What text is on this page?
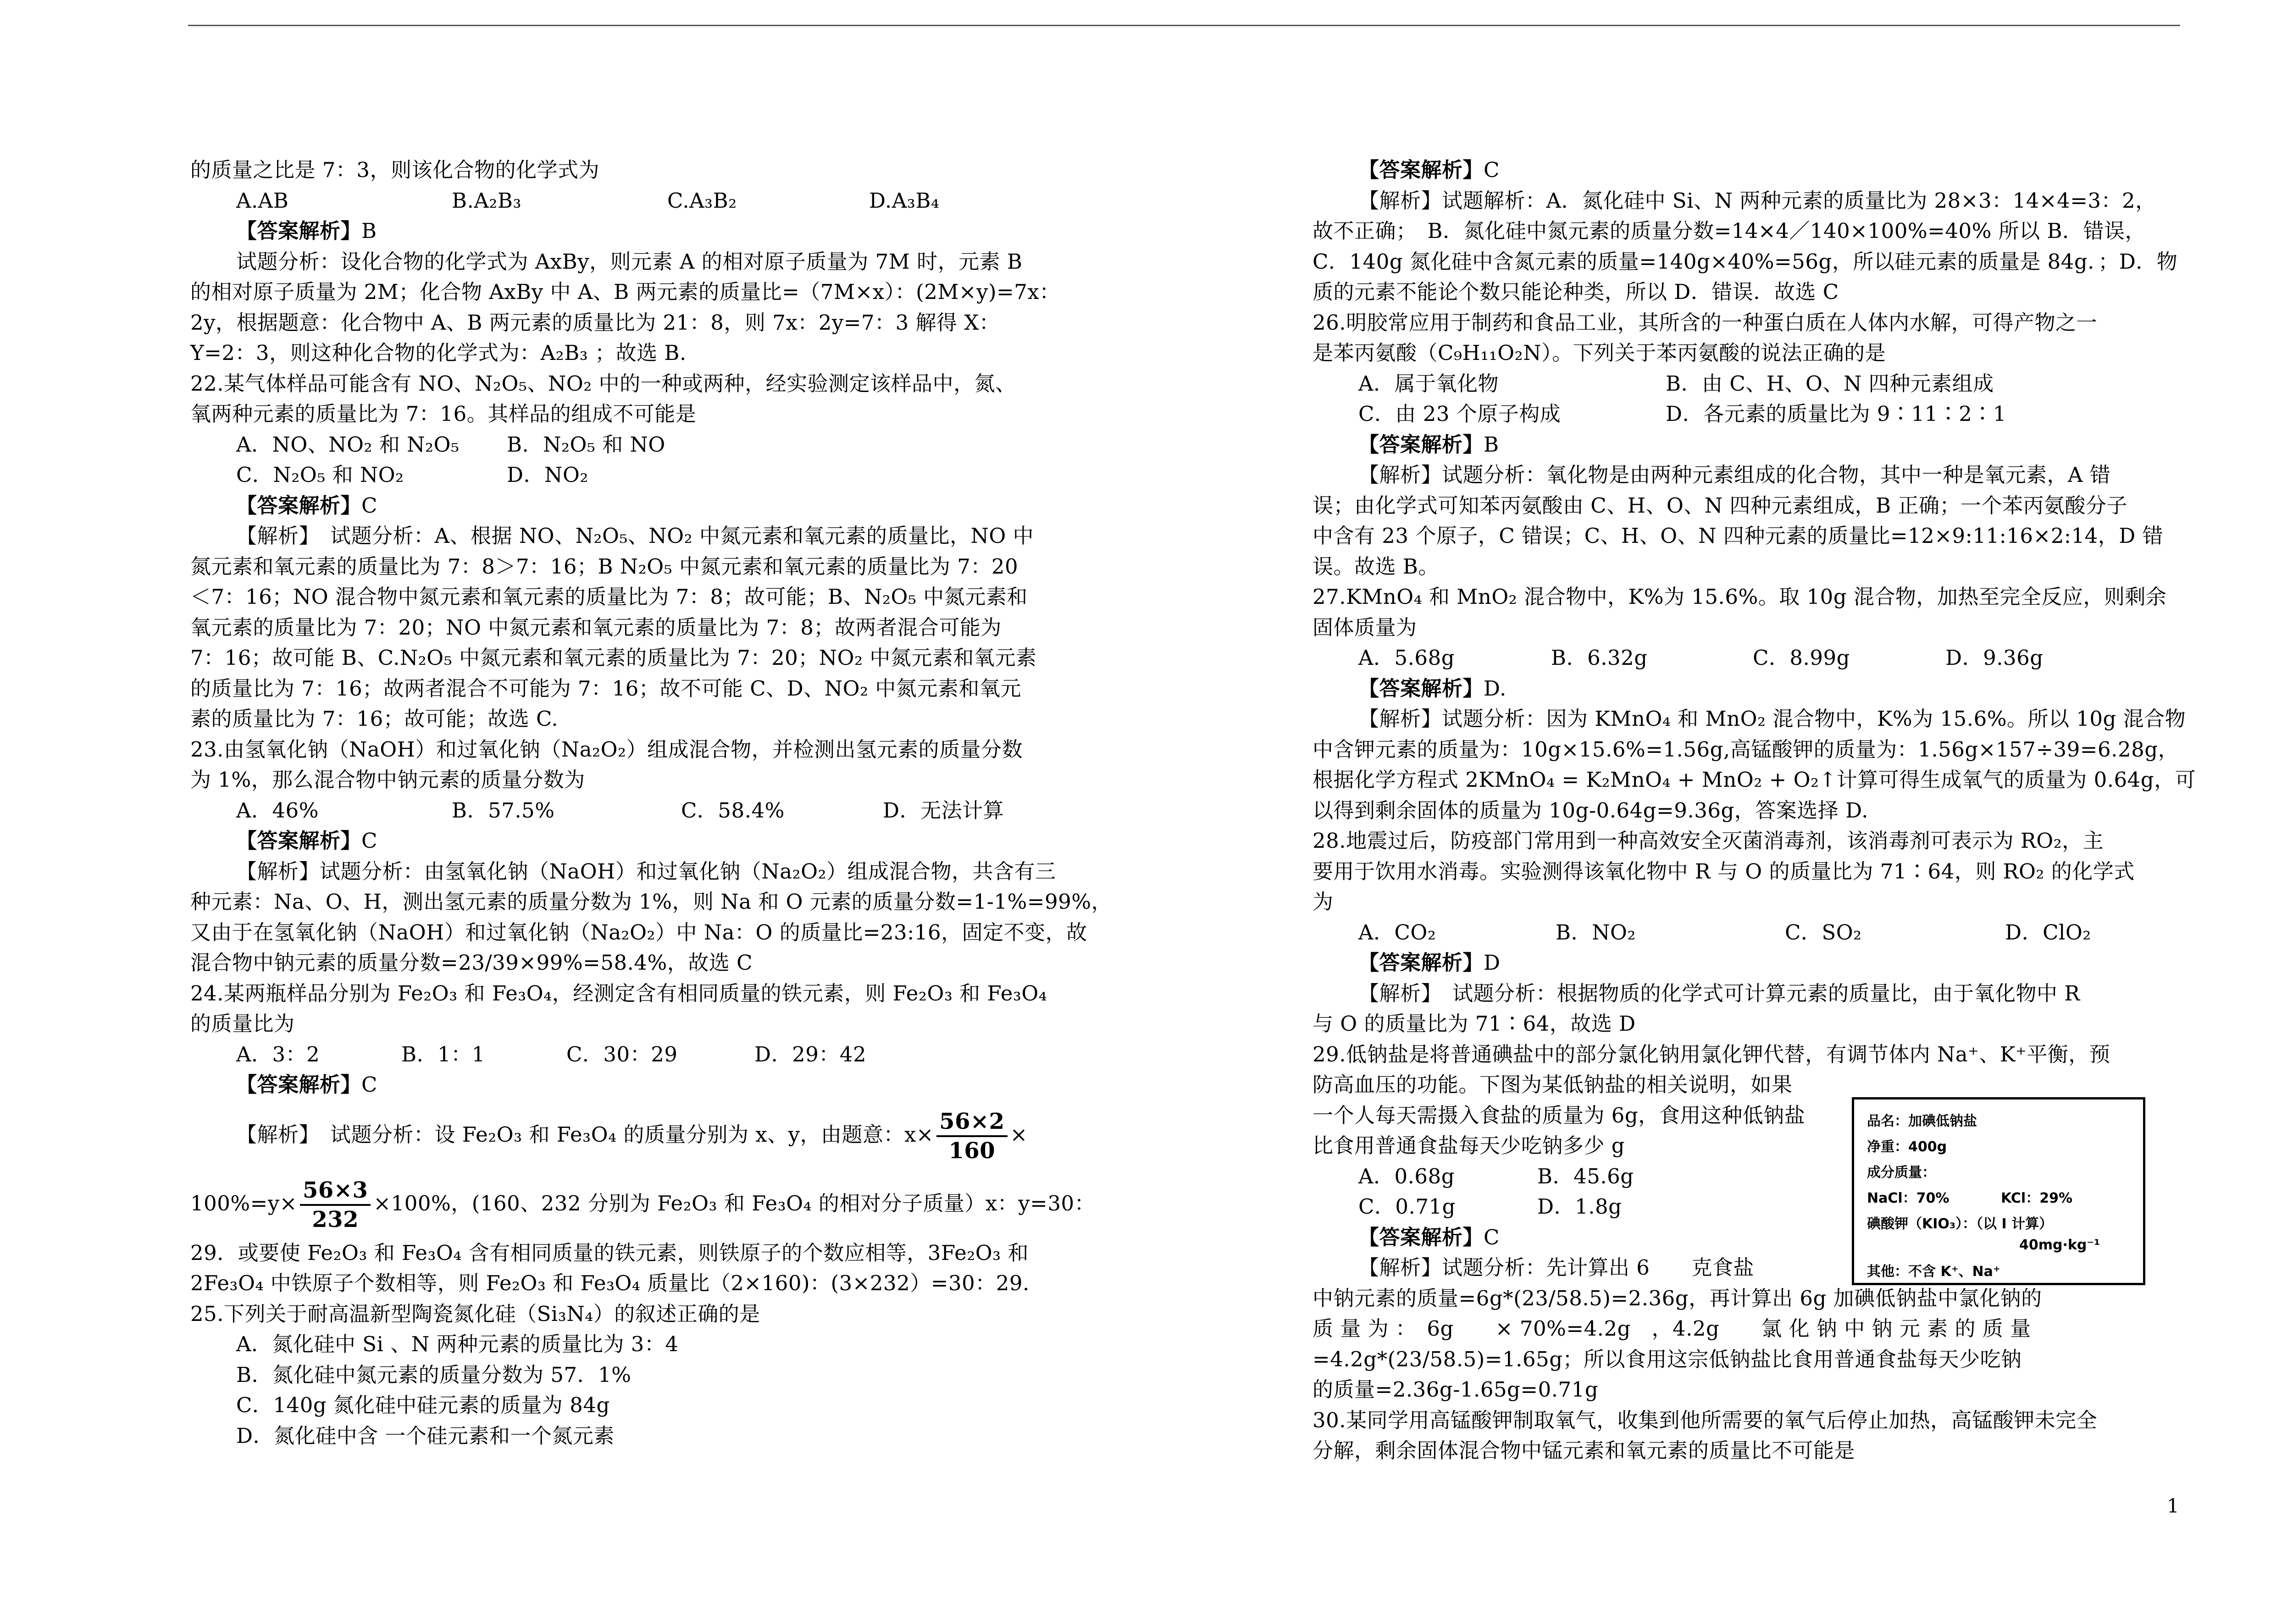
的质量之比是 7：3，则该化合物的化学式为
A.AB	B.A₂B₃	C.A₃B₂	D.A₃B₄
【答案解析】B
试题分析：设化合物的化学式为 AxBy，则元素 A 的相对原子质量为 7M 时，元素 B
的相对原子质量为 2M；化合物 AxBy 中 A、B 两元素的质量比=（7M×x）：(2M×y)=7x：
2y，根据题意：化合物中 A、B 两元素的质量比为 21：8，则 7x：2y=7：3 解得 X：
Y=2：3，则这种化合物的化学式为：A₂B₃ ；故选 B.
22.某气体样品可能含有 NO、N₂O₅、NO₂ 中的一种或两种，经实验测定该样品中，氮、
氧两种元素的质量比为 7：16。其样品的组成不可能是
A．NO、NO₂ 和 N₂O₅ B．N₂O₅ 和 NO
C．N₂O₅ 和 NO₂	D．NO₂
【答案解析】C
【解析】　试题分析：A、根据 NO、N₂O₅、NO₂ 中氮元素和氧元素的质量比，NO 中
氮元素和氧元素的质量比为 7：8＞7：16；B N₂O₅ 中氮元素和氧元素的质量比为 7：20
＜7：16；NO 混合物中氮元素和氧元素的质量比为 7：8；故可能；B、N₂O₅ 中氮元素和
氧元素的质量比为 7：20；NO 中氮元素和氧元素的质量比为 7：8；故两者混合可能为
7：16；故可能 B、C.N₂O₅ 中氮元素和氧元素的质量比为 7：20；NO₂ 中氮元素和氧元素
的质量比为 7：16；故两者混合不可能为 7：16；故不可能 C、D、NO₂ 中氮元素和氧元
素的质量比为 7：16；故可能；故选 C.
23.由氢氧化钠（NaOH）和过氧化钠（Na₂O₂）组成混合物，并检测出氢元素的质量分数
为 1%，那么混合物中钠元素的质量分数为
A．46%	B．57.5%	C．58.4%	D．无法计算
【答案解析】C
【解析】试题分析：由氢氧化钠（NaOH）和过氧化钠（Na₂O₂）组成混合物，共含有三
种元素：Na、O、H，测出氢元素的质量分数为 1%，则 Na 和 O 元素的质量分数=1-1%=99%，
又由于在氢氧化钠（NaOH）和过氧化钠（Na₂O₂）中 Na：O 的质量比=23:16，固定不变，故
混合物中钠元素的质量分数=23/39×99%=58.4%，故选 C
24.某两瓶样品分别为 Fe₂O₃ 和 Fe₃O₄，经测定含有相同质量的铁元素，则 Fe₂O₃ 和 Fe₃O₄
的质量比为
A．3：2	B．1：1	C．30：29	D．29：42
【答案解析】C
【解析】　试题分析：设 Fe₂O₃ 和 Fe₃O₄ 的质量分别为 x、y，由题意：$x\times \frac{56\times 2}{160}$ ×
$100\%=y\times \frac{56\times 3}{232} \times 100\%$，(160、232 分别为 Fe₂O₃ 和 Fe₃O₄ 的相对分子质量）x：y=30：
29．或要使 Fe₂O₃ 和 Fe₃O₄ 含有相同质量的铁元素，则铁原子的个数应相等，3Fe₂O₃ 和
2Fe₃O₄ 中铁原子个数相等，则 Fe₂O₃ 和 Fe₃O₄ 质量比（2×160)：(3×232）=30：29.
25.下列关于耐高温新型陶瓷氮化硅（Si₃N₄）的叙述正确的是
A．氮化硅中 Si 、N 两种元素的质量比为 3：4
B．氮化硅中氮元素的质量分数为 57．1%
C．140g 氮化硅中硅元素的质量为 84g
D．氮化硅中含 一个硅元素和一个氮元素
【答案解析】C
【解析】试题解析：A．氮化硅中 Si、N 两种元素的质量比为 28×3：14×4=3：2，
故不正确；　B．氮化硅中氮元素的质量分数=14×4／140×100%=40% 所以 B．错误，
C．140g 氮化硅中含氮元素的质量=140g×40%=56g，所以硅元素的质量是 84g．；D．物
质的元素不能论个数只能论种类，所以 D．错误．故选 C
26.明胶常应用于制药和食品工业，其所含的一种蛋白质在人体内水解，可得产物之一
是苯丙氨酸（C₉H₁₁O₂N）。下列关于苯丙氨酸的说法正确的是
A．属于氧化物	B．由 C、H、O、N 四种元素组成
C．由 23 个原子构成	D．各元素的质量比为 9∶11∶2∶1
【答案解析】B
【解析】试题分析：氧化物是由两种元素组成的化合物，其中一种是氧元素，A 错
误；由化学式可知苯丙氨酸由 C、H、O、N 四种元素组成，B 正确；一个苯丙氨酸分子
中含有 23 个原子，C 错误；C、H、O、N 四种元素的质量比=12×9:11:16×2:14，D 错
误。故选 B。
27.KMnO₄ 和 MnO₂ 混合物中，K%为 15.6%。取 10g 混合物，加热至完全反应，则剩余
固体质量为
A．5.68g	B．6.32g	C．8.99g	D．9.36g
【答案解析】D.
【解析】试题分析：因为 KMnO₄ 和 MnO₂ 混合物中，K%为 15.6%。所以 10g 混合物
中含钾元素的质量为：10g×15.6%=1.56g,高锰酸钾的质量为：1.56g×157÷39=6.28g，
根据化学方程式 2KMnO₄ = K₂MnO₄ + MnO₂ + O₂↑计算可得生成氧气的质量为 0.64g，可
以得到剩余固体的质量为 10g-0.64g=9.36g，答案选择 D.
28.地震过后，防疫部门常用到一种高效安全灭菌消毒剂，该消毒剂可表示为 RO₂，主
要用于饮用水消毒。实验测得该氧化物中 R 与 O 的质量比为 71∶64，则 RO₂ 的化学式
为
A．CO₂	B．NO₂	C．SO₂	D．ClO₂
【答案解析】D
【解析】　试题分析：根据物质的化学式可计算元素的质量比，由于氧化物中 R
与 O 的质量比为 71∶64，故选 D
29.低钠盐是将普通碘盐中的部分氯化钠用氯化钾代替，有调节体内 Na⁺、K⁺平衡，预
防高血压的功能。下图为某低钠盐的相关说明，如果
一个人每天需摄入食盐的质量为 6g，食用这种低钠盐
比食用普通食盐每天少吃钠多少 g
A．0.68g	B．45.6g
C．0.71g	D．1.8g
【答案解析】C
【解析】试题分析：先计算出 6　　克食盐
中钠元素的质量=6g*(23/58.5)=2.36g，再计算出 6g 加碘低钠盐中氯化钠的
质 量 为 ：　6g　　× 70%=4.2g　，4.2g　　氯 化 钠 中 钠 元 素 的 质 量
=4.2g*(23/58.5)=1.65g；所以食用这宗低钠盐比食用普通食盐每天少吃钠
的质量=2.36g-1.65g=0.71g
30.某同学用高锰酸钾制取氧气，收集到他所需要的氧气后停止加热，高锰酸钾未完全
分解，剩余固体混合物中锰元素和氧元素的质量比不可能是
品名：加碘低钠盐
净重：400g
成分质量：
NaCl：70%	KCl：29%
碘酸钾（KIO₃）：（以 I 计算）
40mg·kg⁻¹
其他：不含 K⁺、Na⁺
1
